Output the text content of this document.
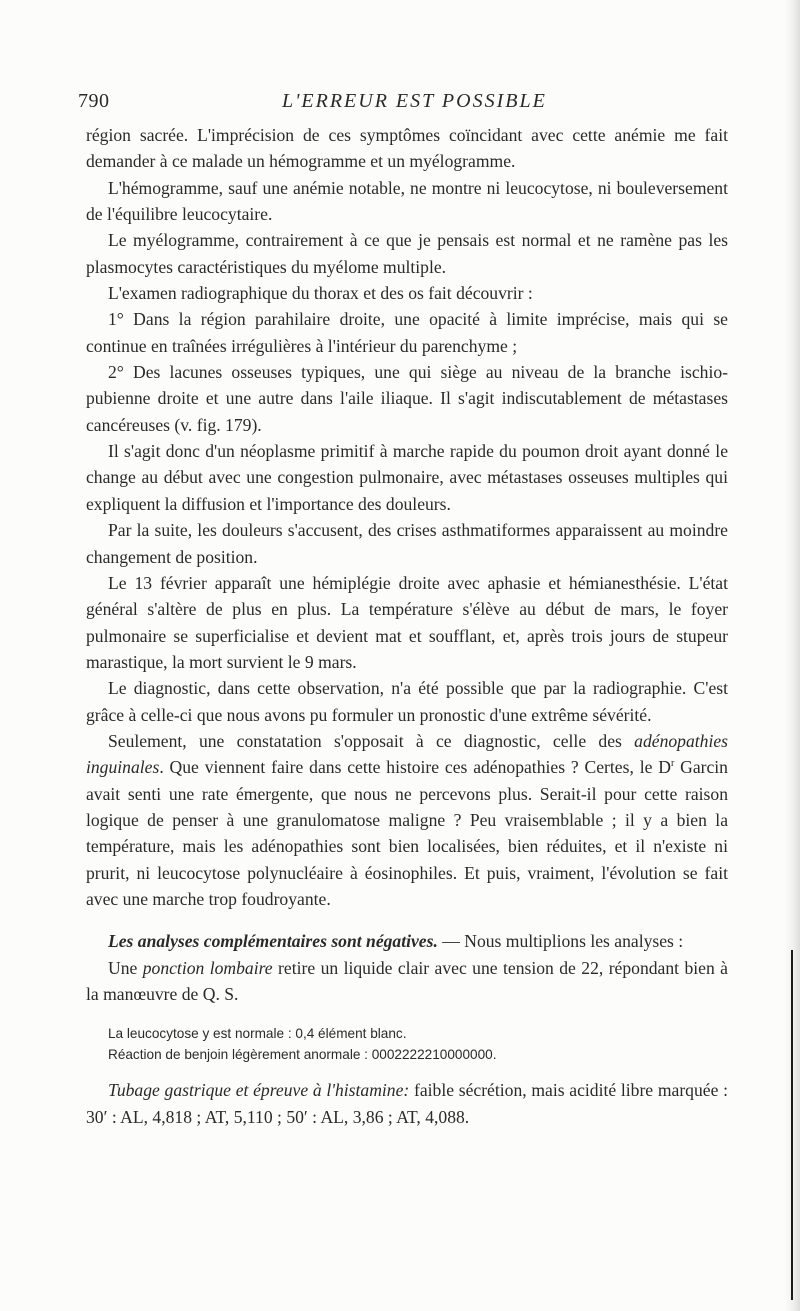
790	L'ERREUR EST POSSIBLE

région sacrée. L'imprécision de ces symptômes coïncidant avec cette anémie me fait demander à ce malade un hémogramme et un myélogramme.

L'hémogramme, sauf une anémie notable, ne montre ni leucocytose, ni bouleversement de l'équilibre leucocytaire.

Le myélogramme, contrairement à ce que je pensais est normal et ne ramène pas les plasmocytes caractéristiques du myélome multiple.

L'examen radiographique du thorax et des os fait découvrir :

1° Dans la région parahilaire droite, une opacité à limite imprécise, mais qui se continue en traînées irrégulières à l'intérieur du parenchyme ;

2° Des lacunes osseuses typiques, une qui siège au niveau de la branche ischio-pubienne droite et une autre dans l'aile iliaque. Il s'agit indiscutablement de métastases cancéreuses (v. fig. 179).

Il s'agit donc d'un néoplasme primitif à marche rapide du poumon droit ayant donné le change au début avec une congestion pulmonaire, avec métastases osseuses multiples qui expliquent la diffusion et l'importance des douleurs.

Par la suite, les douleurs s'accusent, des crises asthmatiformes apparaissent au moindre changement de position.

Le 13 février apparaît une hémiplégie droite avec aphasie et hémianesthésie. L'état général s'altère de plus en plus. La température s'élève au début de mars, le foyer pulmonaire se superficialise et devient mat et soufflant, et, après trois jours de stupeur marastique, la mort survient le 9 mars.

Le diagnostic, dans cette observation, n'a été possible que par la radiographie. C'est grâce à celle-ci que nous avons pu formuler un pronostic d'une extrême sévérité.

Seulement, une constatation s'opposait à ce diagnostic, celle des adénopathies inguinales. Que viennent faire dans cette histoire ces adénopathies ? Certes, le $D^r$ Garcin avait senti une rate émergente, que nous ne percevons plus. Serait-il pour cette raison logique de penser à une granulomatose maligne ? Peu vraisemblable ; il y a bien la température, mais les adénopathies sont bien localisées, bien réduites, et il n'existe ni prurit, ni leucocytose polynucléaire à éosinophiles. Et puis, vraiment, l'évolution se fait avec une marche trop foudroyante.

Les analyses complémentaires sont négatives. — Nous multiplions les analyses :

Une ponction lombaire retire un liquide clair avec une tension de 22, répondant bien à la manœuvre de Q. S.

La leucocytose y est normale : 0,4 élément blanc.
Réaction de benjoin légèrement anormale : 0002222210000000.

Tubage gastrique et épreuve à l'histamine: faible sécrétion, mais acidité libre marquée : 30′ : AL, 4,818 ; AT, 5,110 ; 50′ : AL, 3,86 ; AT, 4,088.
